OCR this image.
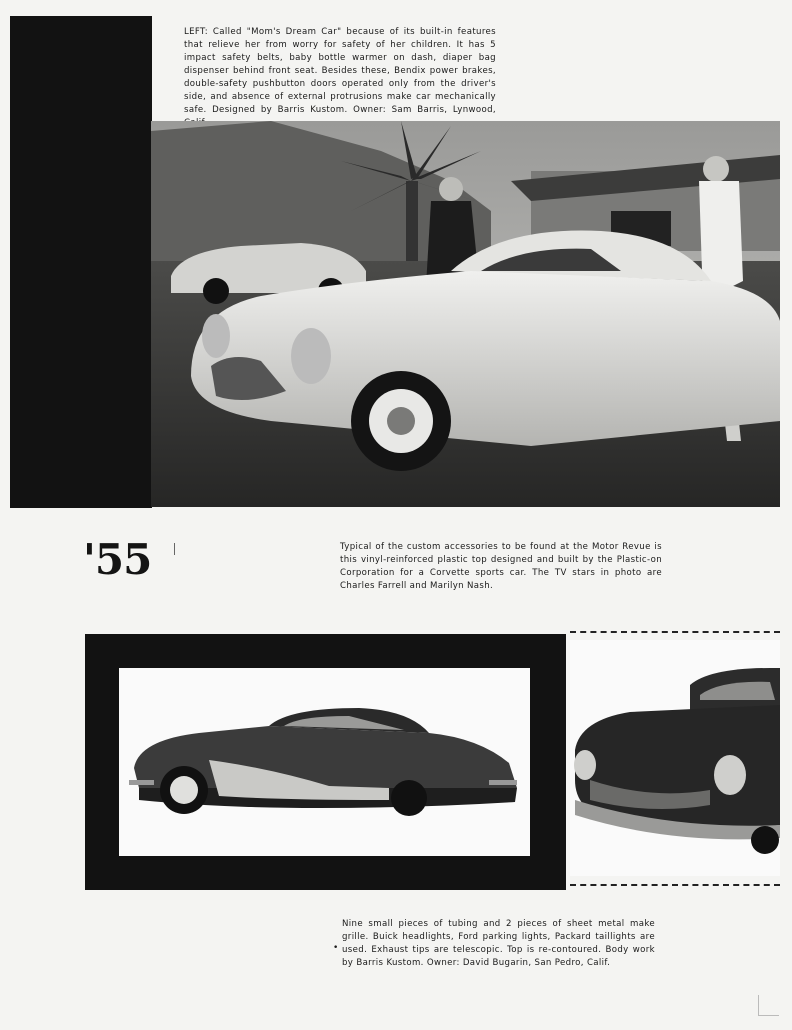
LEFT: Called "Mom's Dream Car" because of its built-in features that relieve her from worry for safety of her children. It has 5 impact safety belts, baby bottle warmer on dash, diaper bag dispenser behind front seat. Besides these, Bendix power brakes, double-safety pushbutton doors operated only from the driver's side, and absence of external protrusions make car mechanically safe. Designed by Barris Kustom. Owner: Sam Barris, Lynwood,

'55	Typical of the custom accessories to be found at the Motor Revue is this vinyl-reinforced plastic top designed and built by the Plastic-on Corporation for a Corvette sports car. The TV stars in photo are Charles Farrell and Marilyn Nash.

Nine small pieces of tubing and 2 pieces of sheet metal make grille. Buick headlights, Ford parking lights, Packard taillights are used. Exhaust tips are telescopic. Top is re-contoured. Body work by Barris Kustom. Owner: David Bugarin, San Pedro, Calif.

•
